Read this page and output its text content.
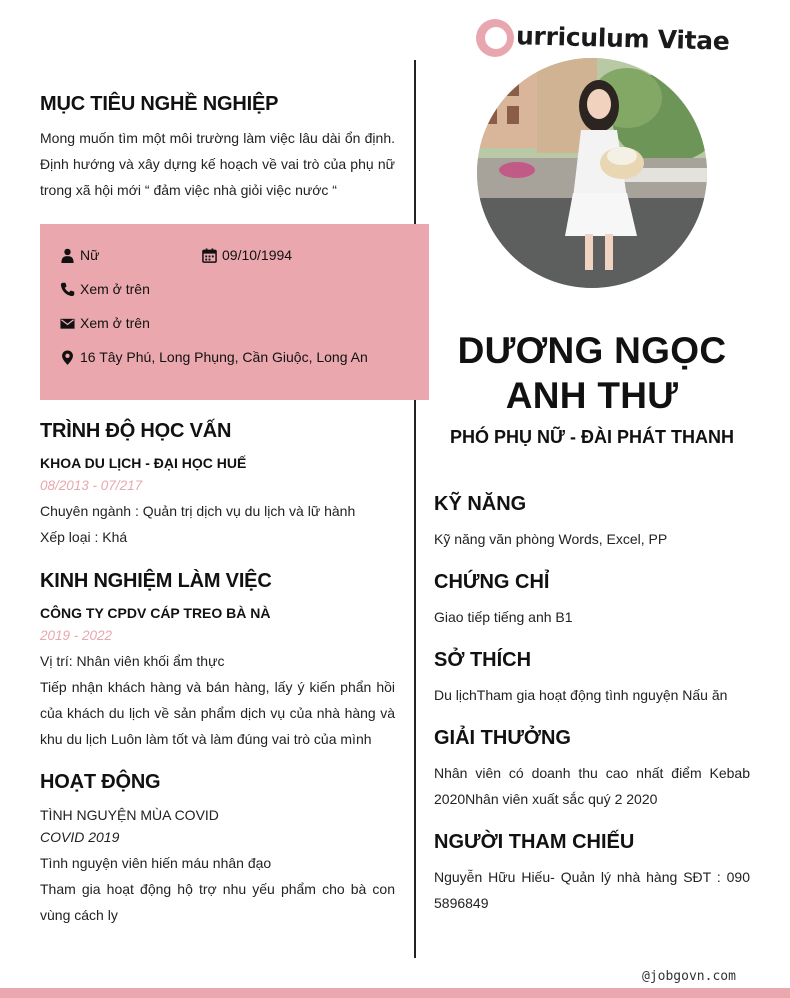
urriculum Vitae
MỤC TIÊU NGHỀ NGHIỆP
Mong muốn tìm một môi trường làm việc lâu dài ổn định. Định hướng và xây dựng kế hoạch về vai trò của phụ nữ trong xã hội mới “ đảm việc nhà giỏi việc nước “
TRÌNH ĐỘ HỌC VẤN
KHOA DU LỊCH - ĐẠI HỌC HUẾ
08/2013 - 07/217
Chuyên ngành : Quản trị dịch vụ du lịch và lữ hành
Xếp loại : Khá
KINH NGHIỆM LÀM VIỆC
CÔNG TY CPDV CÁP TREO BÀ NÀ
2019 - 2022
Vị trí: Nhân viên khối ẩm thực
Tiếp nhận khách hàng và bán hàng, lấy ý kiến phẩn hồi của khách du lịch về sản phẩm dịch vụ của nhà hàng và khu du lịch Luôn làm tốt và làm đúng vai trò của mình
HOẠT ĐỘNG
TÌNH NGUYỆN MÙA COVID
COVID 2019
Tình nguyện viên hiến máu nhân đạo
Tham gia hoạt động hộ trợ nhu yếu phẩm cho bà con vùng cách ly
Nữ	09/10/1994
Xem ở trên
Xem ở trên
16 Tây Phú, Long Phụng, Cần Giuộc, Long An	DƯƠNG NGỌC
ANH THƯ
PHÓ PHỤ NỮ - ĐÀI PHÁT THANH
KỸ NĂNG
Kỹ năng văn phòng Words, Excel, PP
CHỨNG CHỈ
Giao tiếp tiếng anh B1
SỞ THÍCH
Du lịchTham gia hoạt động tình nguyện Nấu ăn
GIẢI THƯỞNG
Nhân viên có doanh thu cao nhất điểm Kebab 2020Nhân viên xuất sắc quý 2 2020
NGƯỜI THAM CHIẾU
Nguyễn Hữu Hiếu- Quản lý nhà hàng SĐT : 090 5896849
@jobgovn.com
